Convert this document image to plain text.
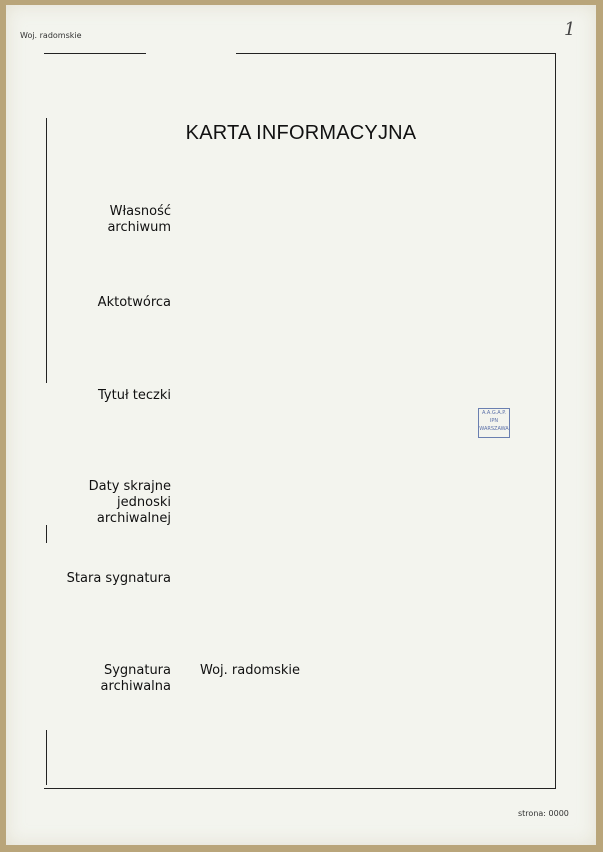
Woj. radomskie	1
KARTA INFORMACYJNA
Własność
archiwum
Aktotwórca
Tytuł teczki
Daty skrajne
jednoski
archiwalnej
Stara sygnatura
Sygnatura
archiwalna
Woj. radomskie
A.A.G.A.P.
IPN
WARSZAWA
strona: 0000
